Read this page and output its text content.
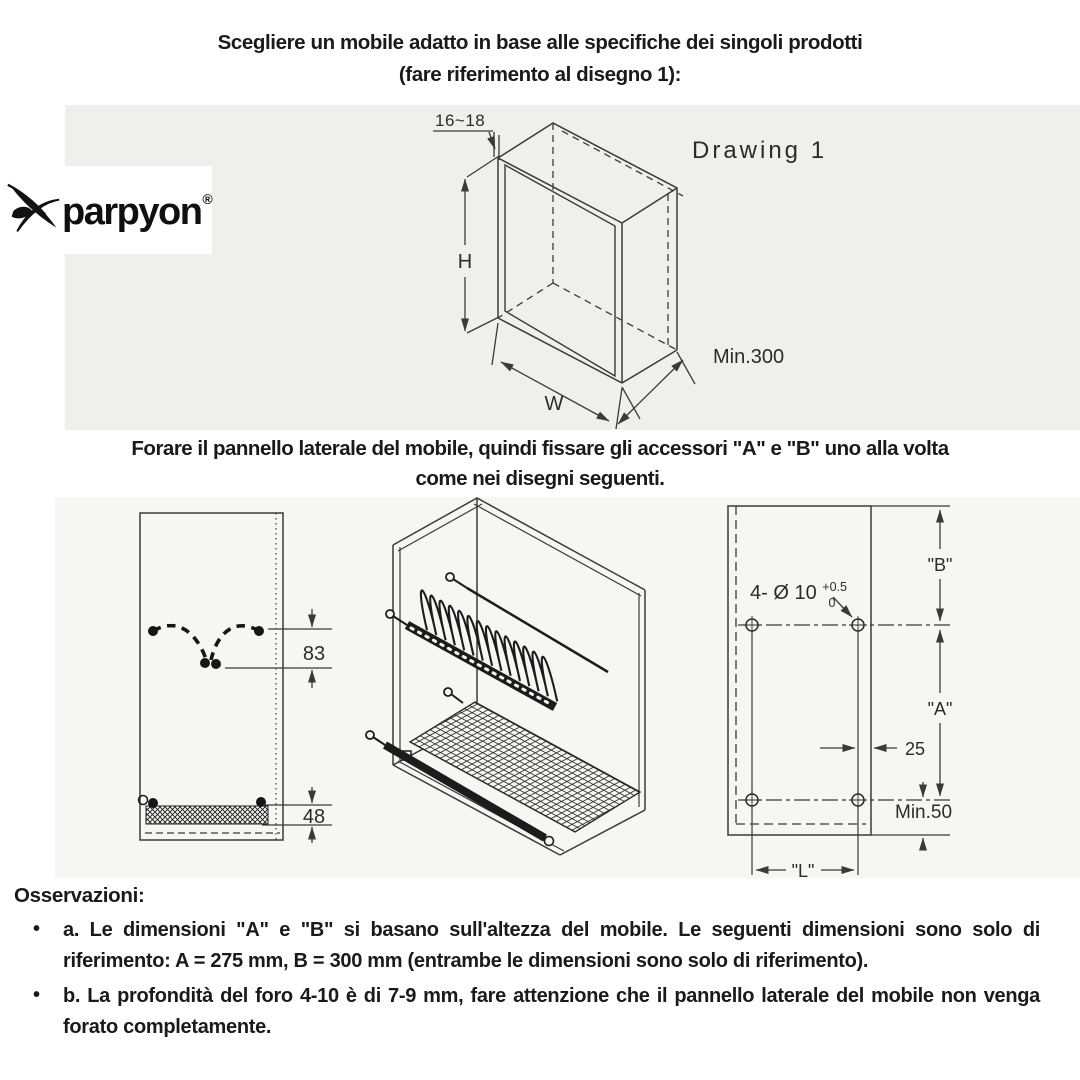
Scegliere un mobile adatto in base alle specifiche dei singoli prodotti
(fare riferimento al disegno 1):
16~18
H
W
Min.300
Drawing 1
parpyon®
Forare il pannello laterale del mobile, quindi fissare gli accessori "A" e "B" uno alla volta
come nei disegni seguenti.
83
48
4- Ø 10 $^{+0.5}$ 0
"B"
"A"
25
Min.50
"L"
Osservazioni:
• a. Le dimensioni "A" e "B" si basano sull'altezza del mobile. Le seguenti dimensioni sono solo di riferimento: A = 275 mm, B = 300 mm (entrambe le dimensioni sono solo di riferimento).
• b. La profondità del foro 4-10 è di 7-9 mm, fare attenzione che il pannello laterale del mobile non venga forato completamente.
